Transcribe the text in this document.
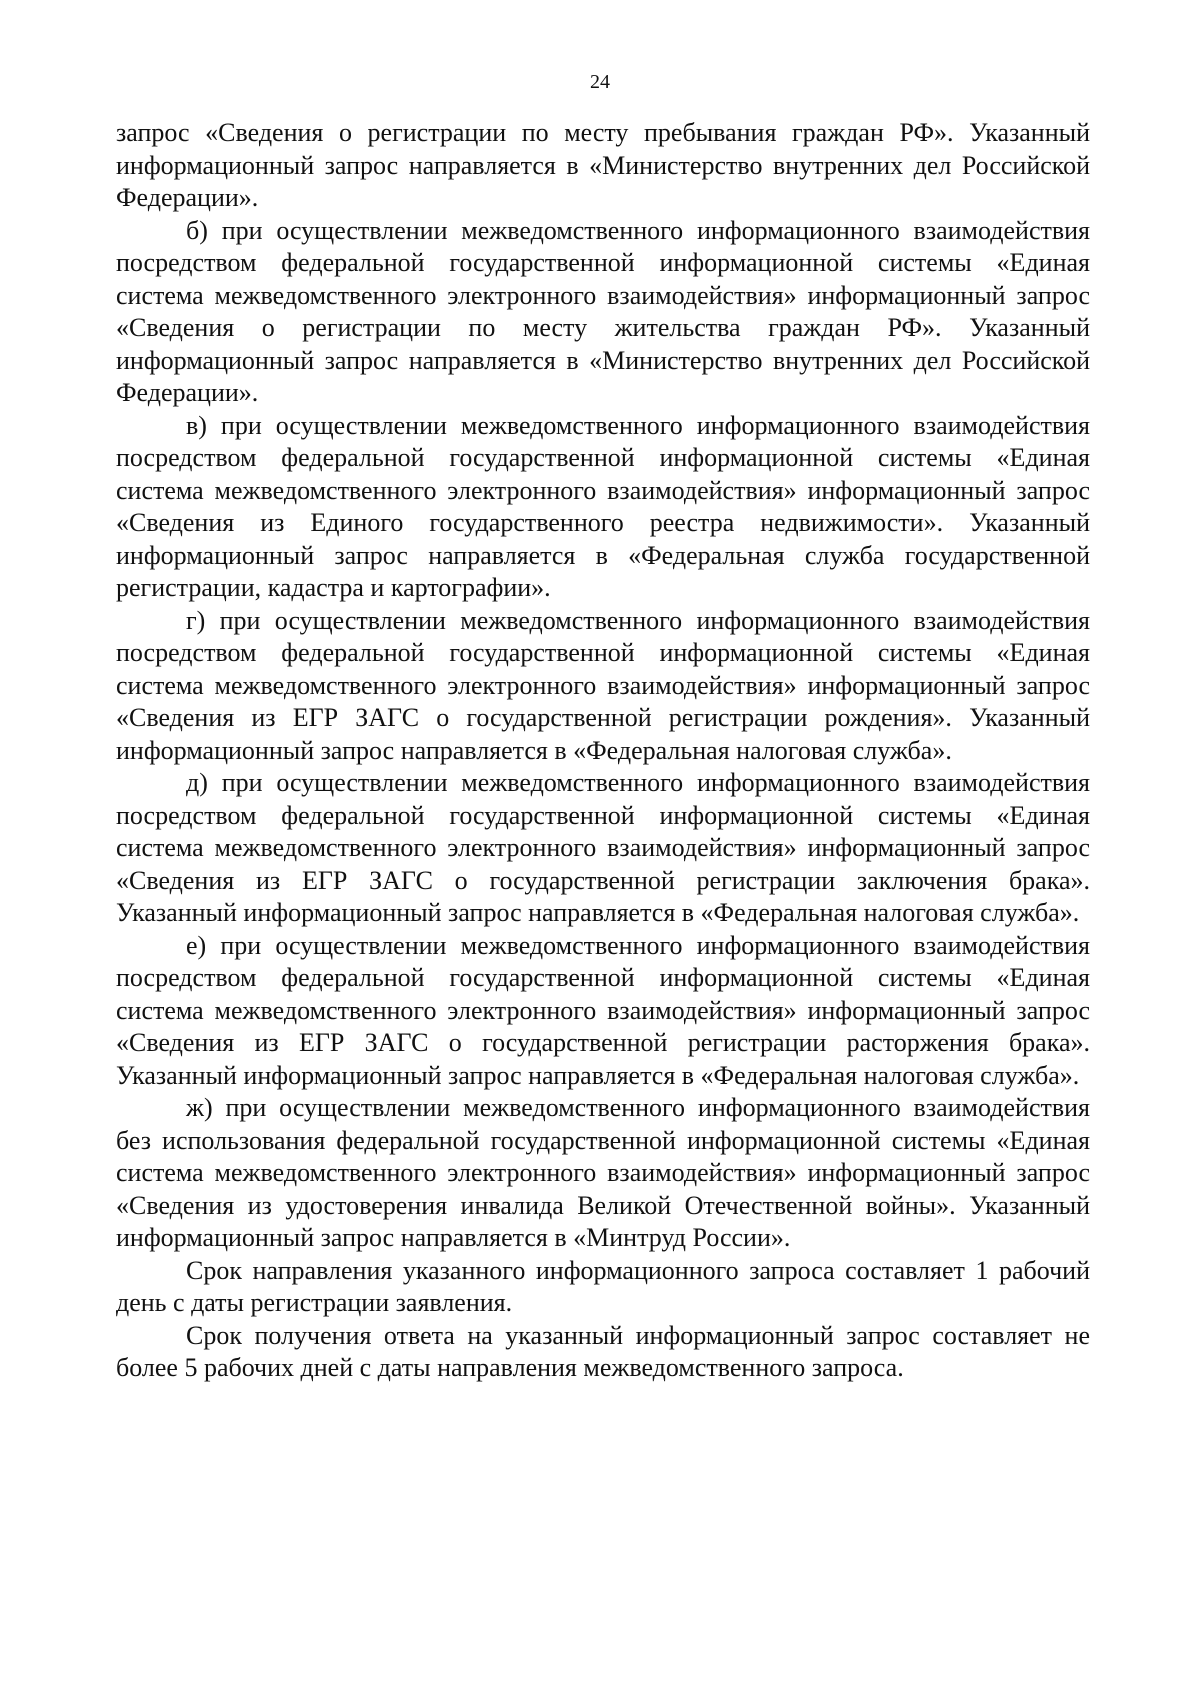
24

запрос «Сведения о регистрации по месту пребывания граждан РФ». Указанный информационный запрос направляется в «Министерство внутренних дел Российской Федерации».

б) при осуществлении межведомственного информационного взаимодействия посредством федеральной государственной информационной системы «Единая система межведомственного электронного взаимодействия» информационный запрос «Сведения о регистрации по месту жительства граждан РФ». Указанный информационный запрос направляется в «Министерство внутренних дел Российской Федерации».

в) при осуществлении межведомственного информационного взаимодействия посредством федеральной государственной информационной системы «Единая система межведомственного электронного взаимодействия» информационный запрос «Сведения из Единого государственного реестра недвижимости». Указанный информационный запрос направляется в «Федеральная служба государственной регистрации, кадастра и картографии».

г) при осуществлении межведомственного информационного взаимодействия посредством федеральной государственной информационной системы «Единая система межведомственного электронного взаимодействия» информационный запрос «Сведения из ЕГР ЗАГС о государственной регистрации рождения». Указанный информационный запрос направляется в «Федеральная налоговая служба».

д) при осуществлении межведомственного информационного взаимодействия посредством федеральной государственной информационной системы «Единая система межведомственного электронного взаимодействия» информационный запрос «Сведения из ЕГР ЗАГС о государственной регистрации заключения брака». Указанный информационный запрос направляется в «Федеральная налоговая служба».

е) при осуществлении межведомственного информационного взаимодействия посредством федеральной государственной информационной системы «Единая система межведомственного электронного взаимодействия» информационный запрос «Сведения из ЕГР ЗАГС о государственной регистрации расторжения брака». Указанный информационный запрос направляется в «Федеральная налоговая служба».

ж) при осуществлении межведомственного информационного взаимодействия без использования федеральной государственной информационной системы «Единая система межведомственного электронного взаимодействия» информационный запрос «Сведения из удостоверения инвалида Великой Отечественной войны». Указанный информационный запрос направляется в «Минтруд России».

Срок направления указанного информационного запроса составляет 1 рабочий день с даты регистрации заявления.

Срок получения ответа на указанный информационный запрос составляет не более 5 рабочих дней с даты направления межведомственного запроса.
